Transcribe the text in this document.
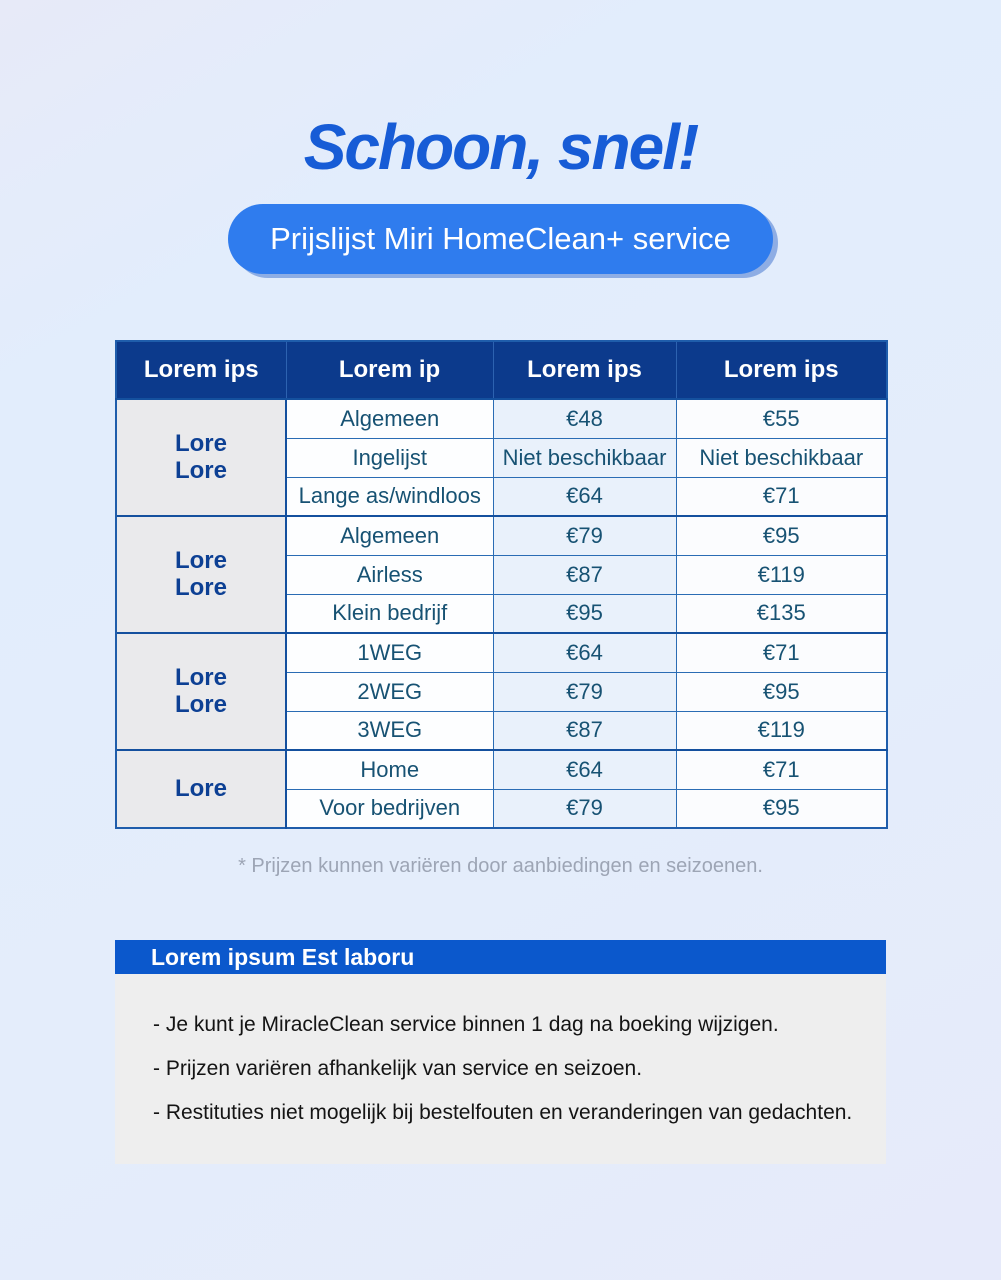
Schoon, snel!
Prijslijst Miri HomeClean+ service
Lorem ips	Lorem ip	Lorem ips	Lorem ips
Lore
Lore	Algemeen	€48	€55
	Ingelijst	Niet beschikbaar	Niet beschikbaar
	Lange as/windloos	€64	€71
Lore
Lore	Algemeen	€79	€95
	Airless	€87	€119
	Klein bedrijf	€95	€135
Lore
Lore	1WEG	€64	€71
	2WEG	€79	€95
	3WEG	€87	€119
Lore	Home	€64	€71
	Voor bedrijven	€79	€95

* Prijzen kunnen variëren door aanbiedingen en seizoenen.

Lorem ipsum Est laboru

- Je kunt je MiracleClean service binnen 1 dag na boeking wijzigen.

- Prijzen variëren afhankelijk van service en seizoen.

- Restituties niet mogelijk bij bestelfouten en veranderingen van gedachten.
